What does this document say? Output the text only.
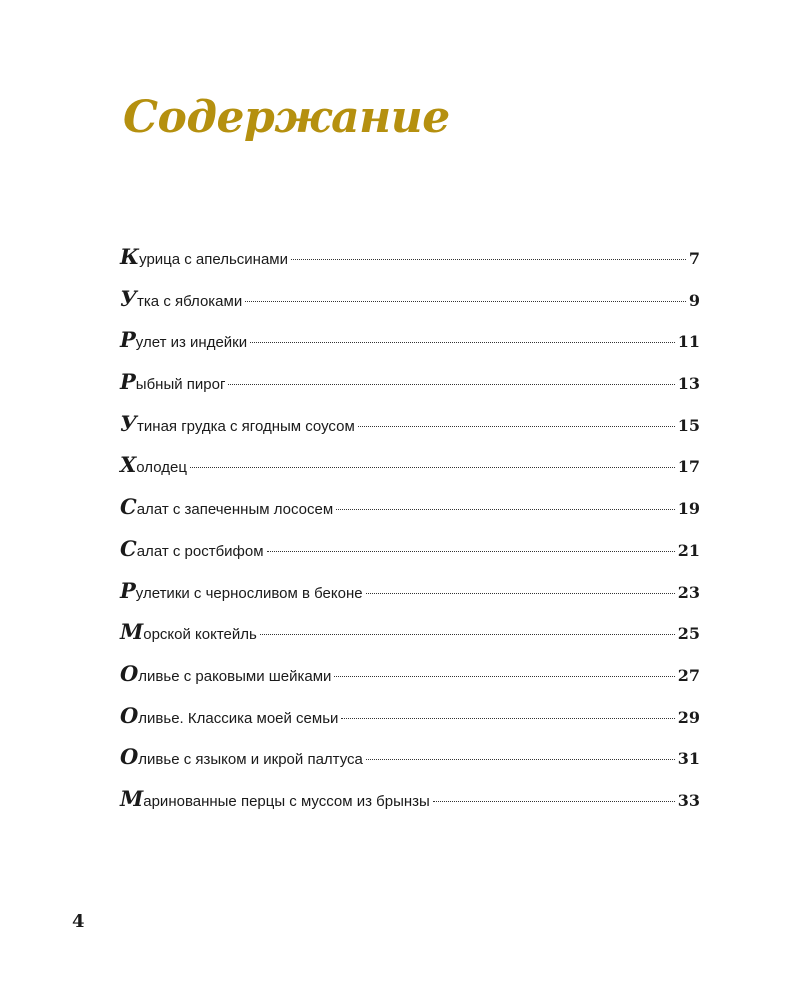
Содержание
К урица с апельсинами	7
У тка с яблоками	9
Р улет из индейки	11
Р ыбный пирог	13
У тиная грудка с ягодным соусом	15
Х олодец	17
С алат с запеченным лососем	19
С алат с ростбифом	21
Р улетики с черносливом в беконе	23
М орской коктейль	25
О ливье с раковыми шейками	27
О ливье. Классика моей семьи	29
О ливье с языком и икрой палтуса	31
М аринованные перцы с муссом из брынзы	33
4
